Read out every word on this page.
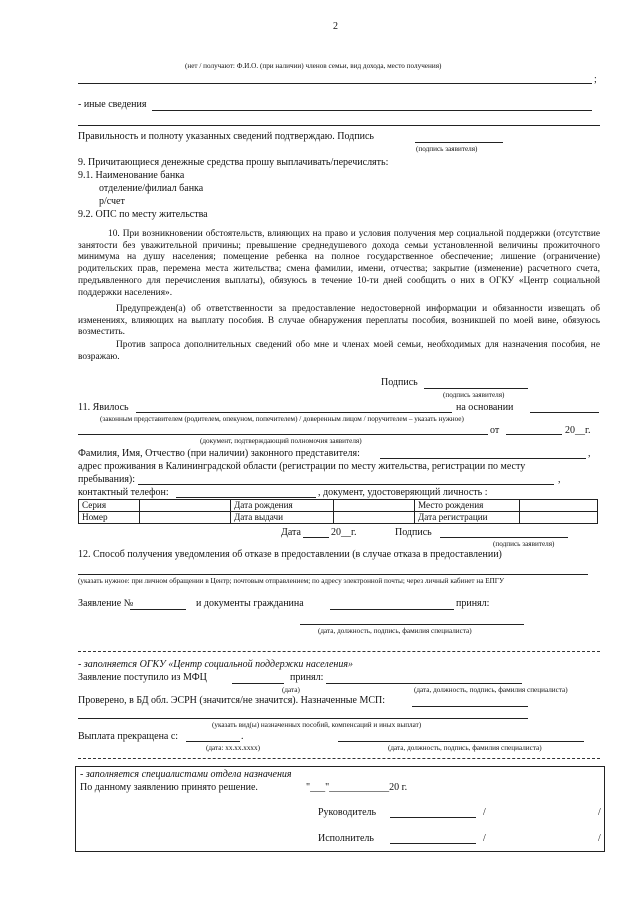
2
(нет / получают: Ф.И.О. (при наличии) членов семьи, вид дохода, место получения)
;
- иные сведения
Правильность и полноту указанных сведений подтверждаю. Подпись
(подпись заявителя)
9. Причитающиеся денежные средства прошу выплачивать/перечислять:
9.1. Наименование банка
отделение/филиал банка
р/счет
9.2. ОПС по месту жительства
10. При возникновении обстоятельств, влияющих на право и условия получения мер социальной поддержки (отсутствие занятости без уважительной причины; превышение среднедушевого дохода семьи установленной величины прожиточного минимума на душу населения; помещение ребенка на полное государственное обеспечение; лишение (ограничение) родительских прав, перемена места жительства; смена фамилии, имени, отчества; закрытие (изменение) расчетного счета, предъявленного для перечисления выплаты), обязуюсь в течение 10-ти дней сообщить о них в ОГКУ «Центр социальной поддержки населения».
Предупрежден(а) об ответственности за предоставление недостоверной информации и обязанности извещать об изменениях, влияющих на выплату пособия. В случае обнаружения переплаты пособия, возникшей по моей вине, обязуюсь возместить.
Против запроса дополнительных сведений обо мне и членах моей семьи, необходимых для назначения пособия, не возражаю.
Подпись
(подпись заявителя)
11. Явилось	на основании
(законным представителем (родителем, опекуном, попечителем) / доверенным лицом / поручителем – указать нужное)
от	20__г.
(документ, подтверждающий полномочия заявителя)
Фамилия, Имя, Отчество (при наличии) законного представителя:	,
адрес проживания в Калининградской области (регистрации по месту жительства, регистрации по месту
пребывания):	,
контактный телефон:	, документ, удостоверяющий личность :
Серия		Дата рождения		Место рождения	
Номер		Дата выдачи		Дата регистрации	
Дата	20__г.	Подпись
(подпись заявителя)
12. Способ получения уведомления об отказе в предоставлении (в случае отказа в предоставлении)
(указать нужное: при личном обращении в Центр; почтовым отправлением; по адресу электронной почты; через личный кабинет на ЕПГУ
Заявление №	и документы гражданина	принял:
(дата, должность, подпись, фамилия специалиста)
- заполняется ОГКУ «Центр социальной поддержки населения»
Заявление поступило из МФЦ	принял:
(дата)	(дата, должность, подпись, фамилия специалиста)
Проверено, в БД обл. ЭСРН (значится/не значится). Назначенные МСП:
(указать вид(ы) назначенных пособий, компенсаций и иных выплат)
Выплата прекращена с:	.
(дата: хх.хх.хххх)	(дата, должность, подпись, фамилия специалиста)
- заполняется специалистами отдела назначения
По данному заявлению принято решение.	"___"____________20 г.
Руководитель	/	/
Исполнитель	/	/
